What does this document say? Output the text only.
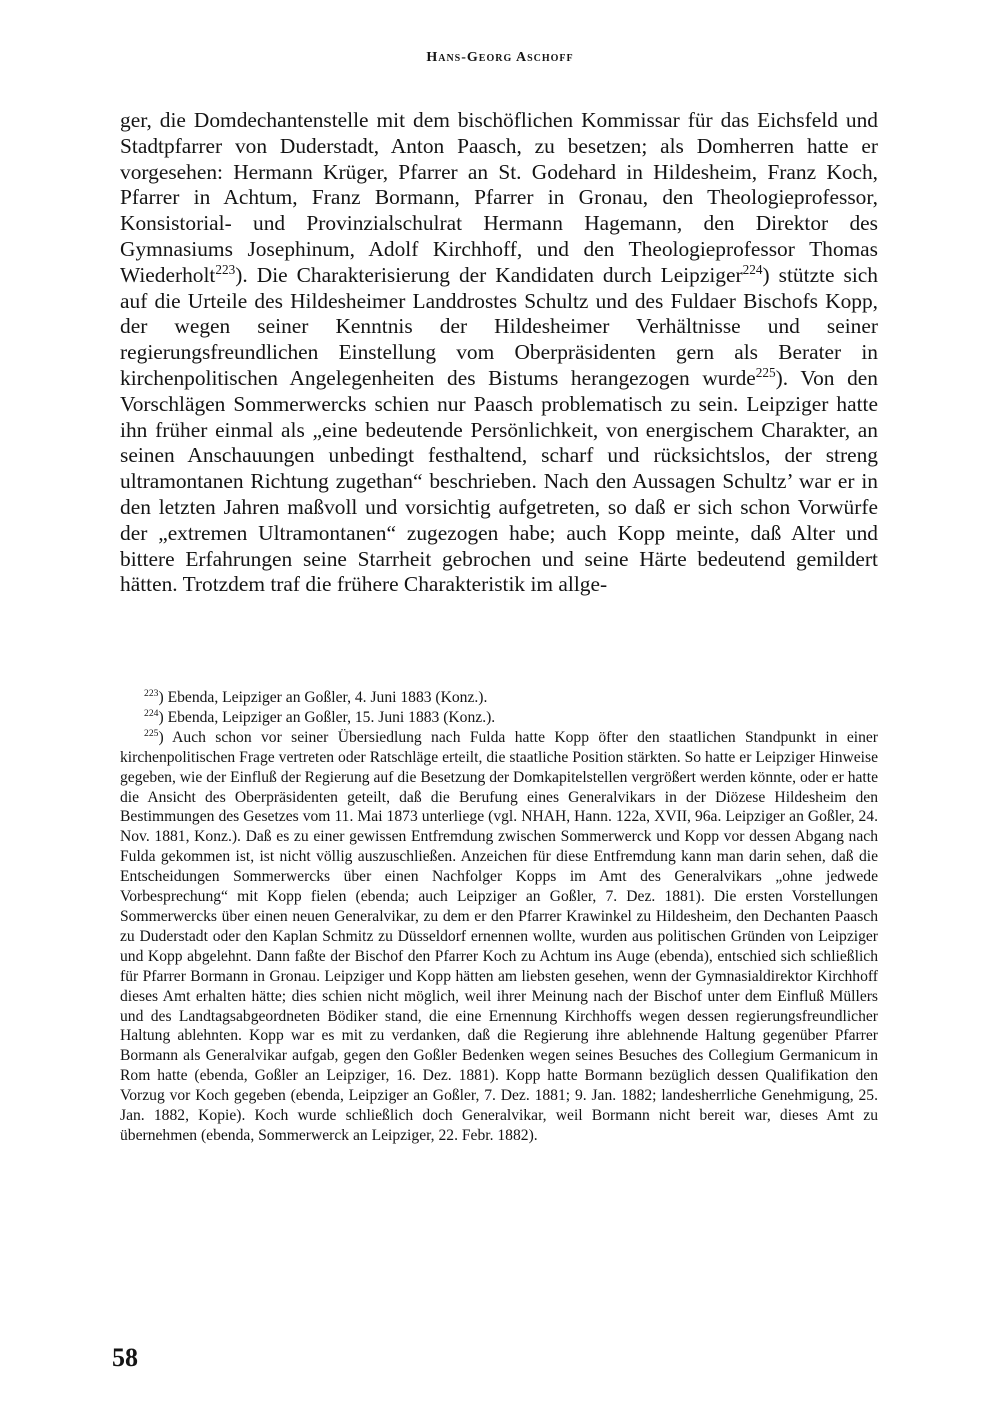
Hans-Georg Aschoff

ger, die Domdechantenstelle mit dem bischöflichen Kommissar für das Eichsfeld und Stadtpfarrer von Duderstadt, Anton Paasch, zu besetzen; als Domherren hatte er vorgesehen: Hermann Krüger, Pfarrer an St. Godehard in Hildesheim, Franz Koch, Pfarrer in Achtum, Franz Bormann, Pfarrer in Gronau, den Theologieprofessor, Konsistorial- und Provinzialschulrat Hermann Hagemann, den Direktor des Gymnasiums Josephinum, Adolf Kirchhoff, und den Theologieprofessor Thomas Wiederholt$^{223}$). Die Charakterisierung der Kandidaten durch Leipziger$^{224}$) stützte sich auf die Urteile des Hildesheimer Landdrostes Schultz und des Fuldaer Bischofs Kopp, der wegen seiner Kenntnis der Hildesheimer Verhältnisse und seiner regierungsfreundlichen Einstellung vom Oberpräsidenten gern als Berater in kirchenpolitischen Angelegenheiten des Bistums herangezogen wurde$^{225}$). Von den Vorschlägen Sommerwercks schien nur Paasch problematisch zu sein. Leipziger hatte ihn früher einmal als „eine bedeutende Persönlichkeit, von energischem Charakter, an seinen Anschauungen unbedingt festhaltend, scharf und rücksichtslos, der streng ultramontanen Richtung zugethan“ beschrieben. Nach den Aussagen Schultz’ war er in den letzten Jahren maßvoll und vorsichtig aufgetreten, so daß er sich schon Vorwürfe der „extremen Ultramontanen“ zugezogen habe; auch Kopp meinte, daß Alter und bittere Erfahrungen seine Starrheit gebrochen und seine Härte bedeutend gemildert hätten. Trotzdem traf die frühere Charakteristik im allge-

$^{223}$) Ebenda, Leipziger an Goßler, 4. Juni 1883 (Konz.).

$^{224}$) Ebenda, Leipziger an Goßler, 15. Juni 1883 (Konz.).

$^{225}$) Auch schon vor seiner Übersiedlung nach Fulda hatte Kopp öfter den staatlichen Standpunkt in einer kirchenpolitischen Frage vertreten oder Ratschläge erteilt, die staatliche Position stärkten. So hatte er Leipziger Hinweise gegeben, wie der Einfluß der Regierung auf die Besetzung der Domkapitelstellen vergrößert werden könnte, oder er hatte die Ansicht des Oberpräsidenten geteilt, daß die Berufung eines Generalvikars in der Diözese Hildesheim den Bestimmungen des Gesetzes vom 11. Mai 1873 unterliege (vgl. NHAH, Hann. 122a, XVII, 96a. Leipziger an Goßler, 24. Nov. 1881, Konz.). Daß es zu einer gewissen Entfremdung zwischen Sommerwerck und Kopp vor dessen Abgang nach Fulda gekommen ist, ist nicht völlig auszuschließen. Anzeichen für diese Entfremdung kann man darin sehen, daß die Entscheidungen Sommerwercks über einen Nachfolger Kopps im Amt des Generalvikars „ohne jedwede Vorbesprechung“ mit Kopp fielen (ebenda; auch Leipziger an Goßler, 7. Dez. 1881). Die ersten Vorstellungen Sommerwercks über einen neuen Generalvikar, zu dem er den Pfarrer Krawinkel zu Hildesheim, den Dechanten Paasch zu Duderstadt oder den Kaplan Schmitz zu Düsseldorf ernennen wollte, wurden aus politischen Gründen von Leipziger und Kopp abgelehnt. Dann faßte der Bischof den Pfarrer Koch zu Achtum ins Auge (ebenda), entschied sich schließlich für Pfarrer Bormann in Gronau. Leipziger und Kopp hätten am liebsten gesehen, wenn der Gymnasialdirektor Kirchhoff dieses Amt erhalten hätte; dies schien nicht möglich, weil ihrer Meinung nach der Bischof unter dem Einfluß Müllers und des Landtagsabgeordneten Bödiker stand, die eine Ernennung Kirchhoffs wegen dessen regierungsfreundlicher Haltung ablehnten. Kopp war es mit zu verdanken, daß die Regierung ihre ablehnende Haltung gegenüber Pfarrer Bormann als Generalvikar aufgab, gegen den Goßler Bedenken wegen seines Besuches des Collegium Germanicum in Rom hatte (ebenda, Goßler an Leipziger, 16. Dez. 1881). Kopp hatte Bormann bezüglich dessen Qualifikation den Vorzug vor Koch gegeben (ebenda, Leipziger an Goßler, 7. Dez. 1881; 9. Jan. 1882; landesherrliche Genehmigung, 25. Jan. 1882, Kopie). Koch wurde schließlich doch Generalvikar, weil Bormann nicht bereit war, dieses Amt zu übernehmen (ebenda, Sommerwerck an Leipziger, 22. Febr. 1882).

58
